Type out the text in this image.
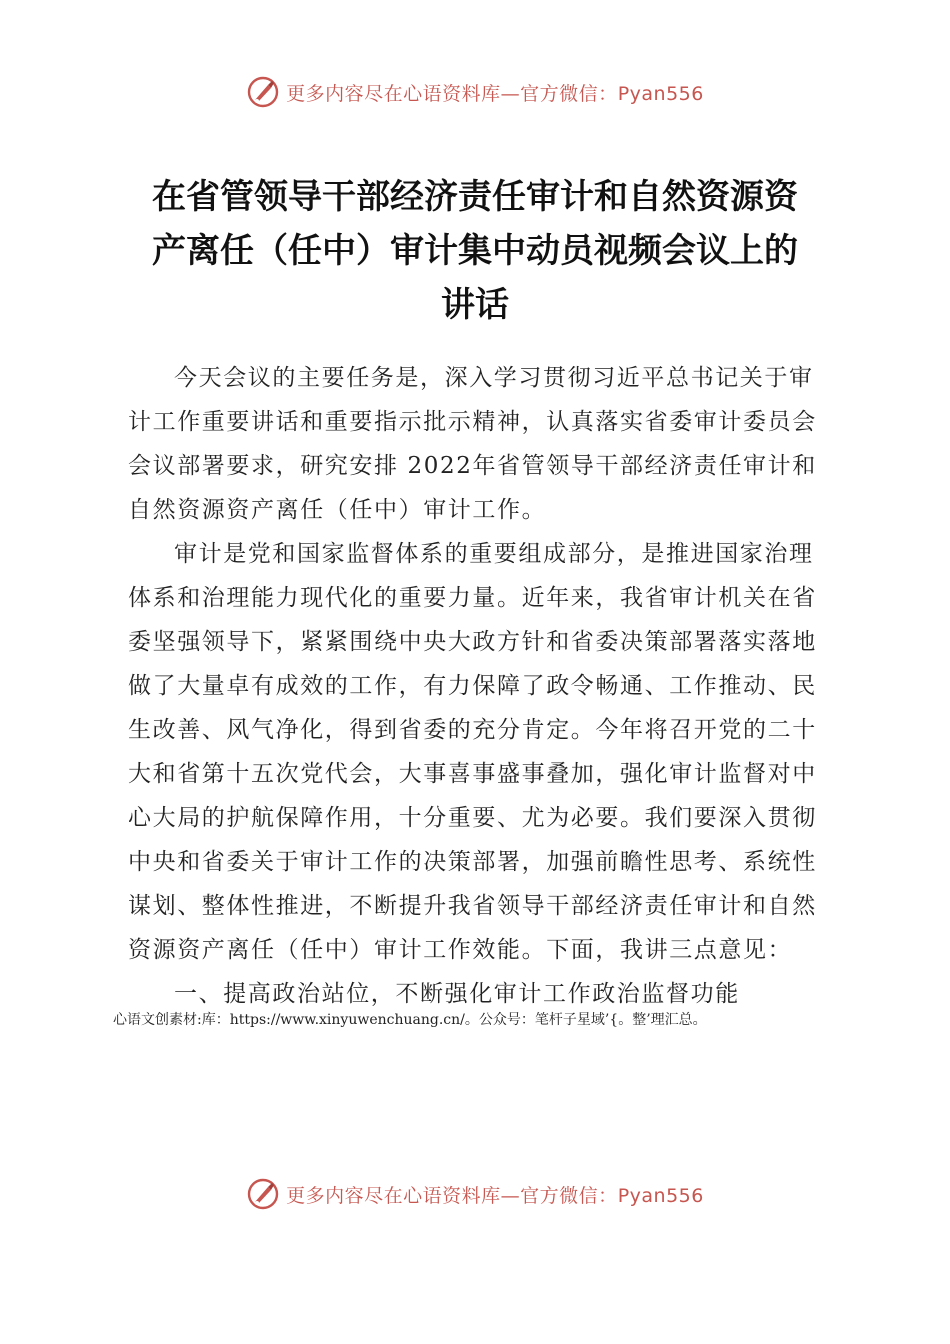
更多内容尽在心语资料库—官方微信：Pyan556
在省管领导干部经济责任审计和自然资源资
产离任（任中）审计集中动员视频会议上的
讲话
今天会议的主要任务是，深入学习贯彻习近平总书记关于审
计工作重要讲话和重要指示批示精神，认真落实省委审计委员会
会议部署要求，研究安排 2022年省管领导干部经济责任审计和
自然资源资产离任（任中）审计工作。
审计是党和国家监督体系的重要组成部分，是推进国家治理
体系和治理能力现代化的重要力量。近年来，我省审计机关在省
委坚强领导下，紧紧围绕中央大政方针和省委决策部署落实落地
做了大量卓有成效的工作，有力保障了政令畅通、工作推动、民
生改善、风气净化，得到省委的充分肯定。今年将召开党的二十
大和省第十五次党代会，大事喜事盛事叠加，强化审计监督对中
心大局的护航保障作用，十分重要、尤为必要。我们要深入贯彻
中央和省委关于审计工作的决策部署，加强前瞻性思考、系统性
谋划、整体性推进，不断提升我省领导干部经济责任审计和自然
资源资产离任（任中）审计工作效能。下面，我讲三点意见：
一、提高政治站位，不断强化审计工作政治监督功能
心语文创素材:库：https://www.xinyuwenchuang.cn/。公众号：笔杆子星域’{。整’理汇总。
更多内容尽在心语资料库—官方微信：Pyan556
